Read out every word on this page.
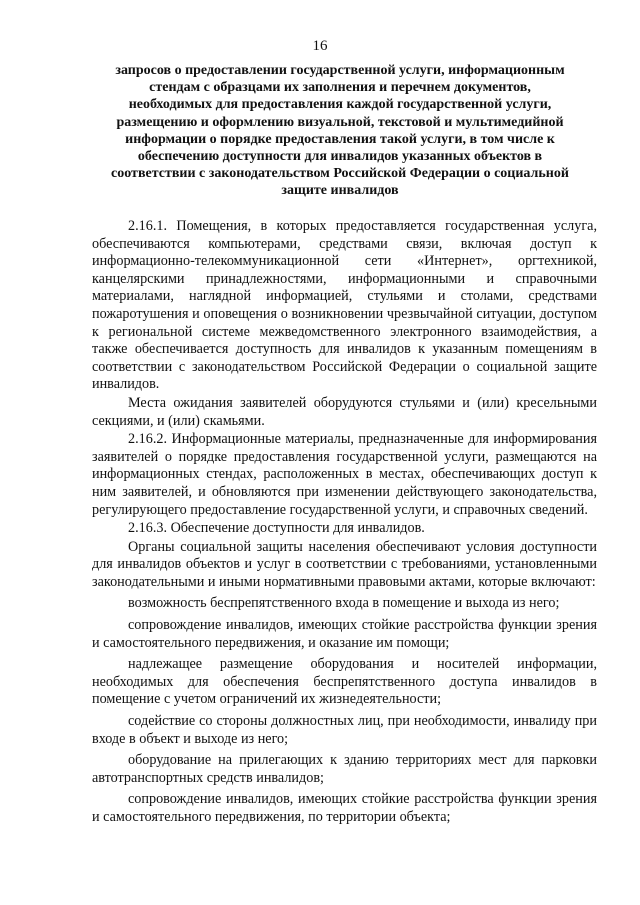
16
запросов о предоставлении государственной услуги, информационным
стендам с образцами их заполнения и перечнем документов,
необходимых для предоставления каждой государственной услуги,
размещению и оформлению визуальной, текстовой и мультимедийной
информации о порядке предоставления такой услуги, в том числе к
обеспечению доступности для инвалидов указанных объектов в
соответствии с законодательством Российской Федерации о социальной
защите инвалидов

2.16.1. Помещения, в которых предоставляется государственная услуга, обеспечиваются компьютерами, средствами связи, включая доступ к информационно-телекоммуникационной сети «Интернет», оргтехникой, канцелярскими принадлежностями, информационными и справочными материалами, наглядной информацией, стульями и столами, средствами пожаротушения и оповещения о возникновении чрезвычайной ситуации, доступом к региональной системе межведомственного электронного взаимодействия, а также обеспечивается доступность для инвалидов к указанным помещениям в соответствии с законодательством Российской Федерации о социальной защите инвалидов.

Места ожидания заявителей оборудуются стульями и (или) кресельными секциями, и (или) скамьями.

2.16.2. Информационные материалы, предназначенные для информирования заявителей о порядке предоставления государственной услуги, размещаются на информационных стендах, расположенных в местах, обеспечивающих доступ к ним заявителей, и обновляются при изменении действующего законодательства, регулирующего предоставление государственной услуги, и справочных сведений.

2.16.3. Обеспечение доступности для инвалидов.

Органы социальной защиты населения обеспечивают условия доступности для инвалидов объектов и услуг в соответствии с требованиями, установленными законодательными и иными нормативными правовыми актами, которые включают:

возможность беспрепятственного входа в помещение и выхода из него;

сопровождение инвалидов, имеющих стойкие расстройства функции зрения и самостоятельного передвижения, и оказание им помощи;

надлежащее размещение оборудования и носителей информации, необходимых для обеспечения беспрепятственного доступа инвалидов в помещение с учетом ограничений их жизнедеятельности;

содействие со стороны должностных лиц, при необходимости, инвалиду при входе в объект и выходе из него;

оборудование на прилегающих к зданию территориях мест для парковки автотранспортных средств инвалидов;

сопровождение инвалидов, имеющих стойкие расстройства функции зрения и самостоятельного передвижения, по территории объекта;
